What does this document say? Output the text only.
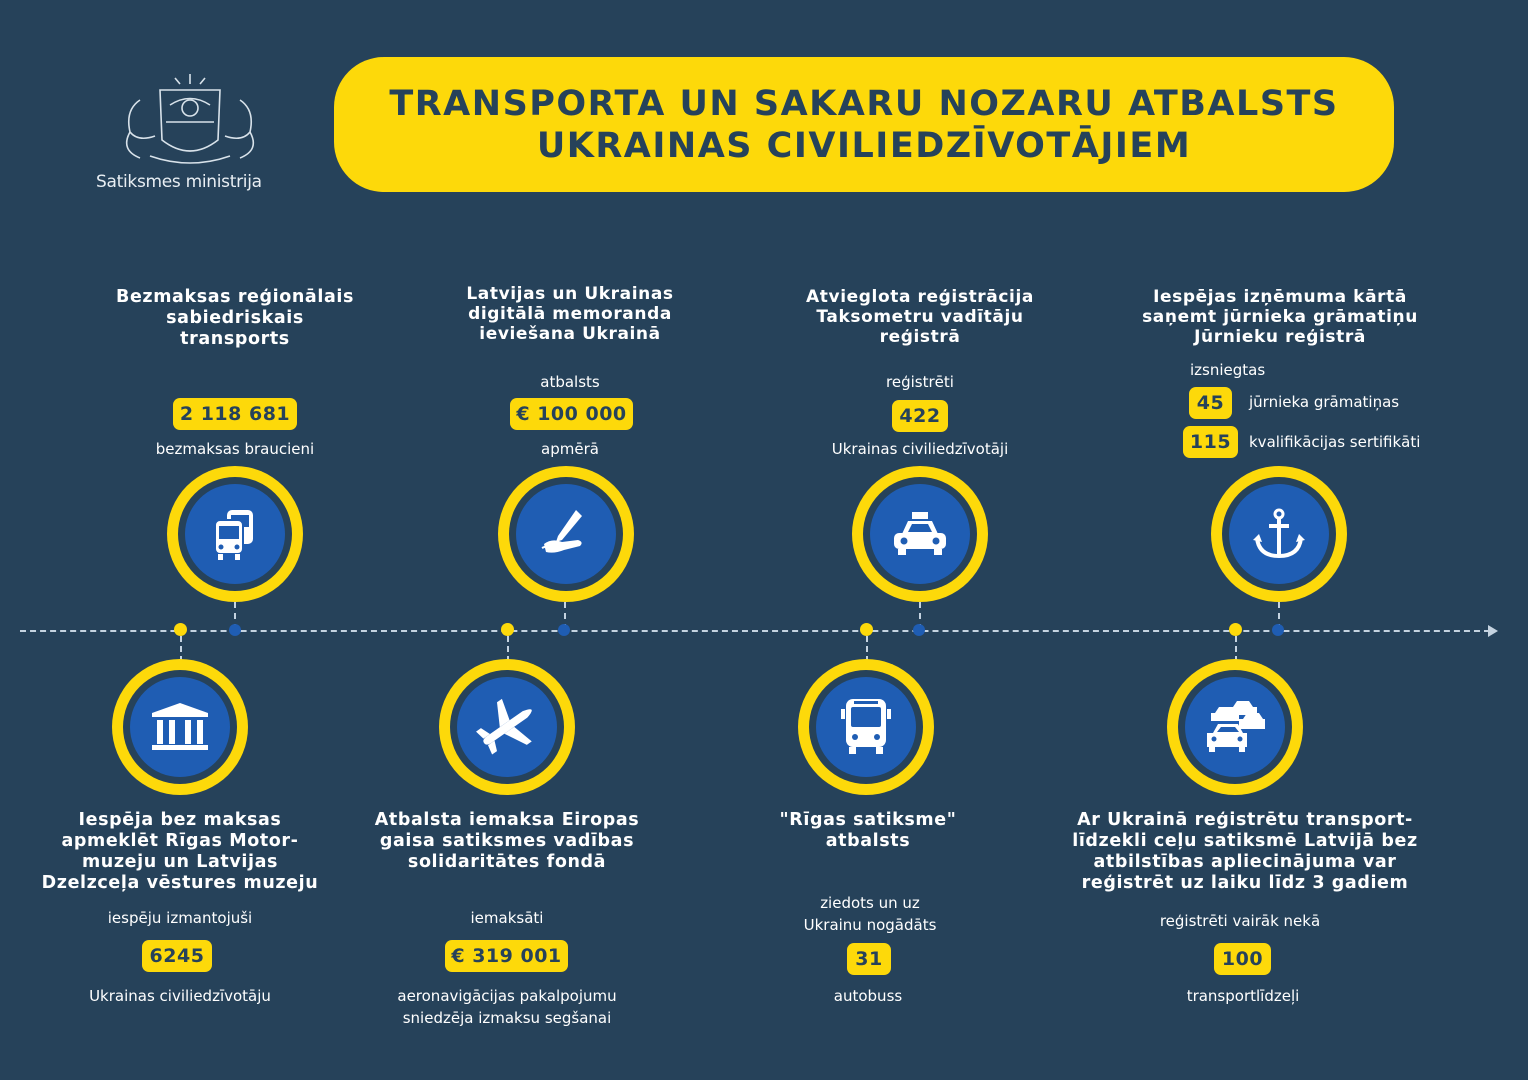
Satiksmes ministrija
TRANSPORTA UN SAKARU NOZARU ATBALSTS
UKRAINAS CIVILIEDZĪVOTĀJIEM
Bezmaksas reģionālais
sabiedriskais
transports
2 118 681
bezmaksas braucieni
Latvijas un Ukrainas
digitālā memoranda
ieviešana Ukrainā
atbalsts
€ 100 000
apmērā
Atvieglota reģistrācija
Taksometru vadītāju
reģistrā
reģistrēti
422
Ukrainas civiliedzīvotāji
Iespējas izņēmuma kārtā
saņemt jūrnieka grāmatiņu
Jūrnieku reģistrā
izsniegtas
45	jūrnieka grāmatiņas
115	kvalifikācijas sertifikāti
Iespēja bez maksas
apmeklēt Rīgas Motor-
muzeju un Latvijas
Dzelzceļa vēstures muzeju
iespēju izmantojuši
6245
Ukrainas civiliedzīvotāju
Atbalsta iemaksa Eiropas
gaisa satiksmes vadības
solidaritātes fondā
iemaksāti
€ 319 001
aeronavigācijas pakalpojumu
sniedzēja izmaksu segšanai
"Rīgas satiksme"
atbalsts
ziedots un uz
Ukrainu nogādāts
31
autobuss
Ar Ukrainā reģistrētu transport-
līdzekli ceļu satiksmē Latvijā bez
atbilstības apliecinājuma var
reģistrēt uz laiku līdz 3 gadiem
reģistrēti vairāk nekā
100
transportlīdzeļi
